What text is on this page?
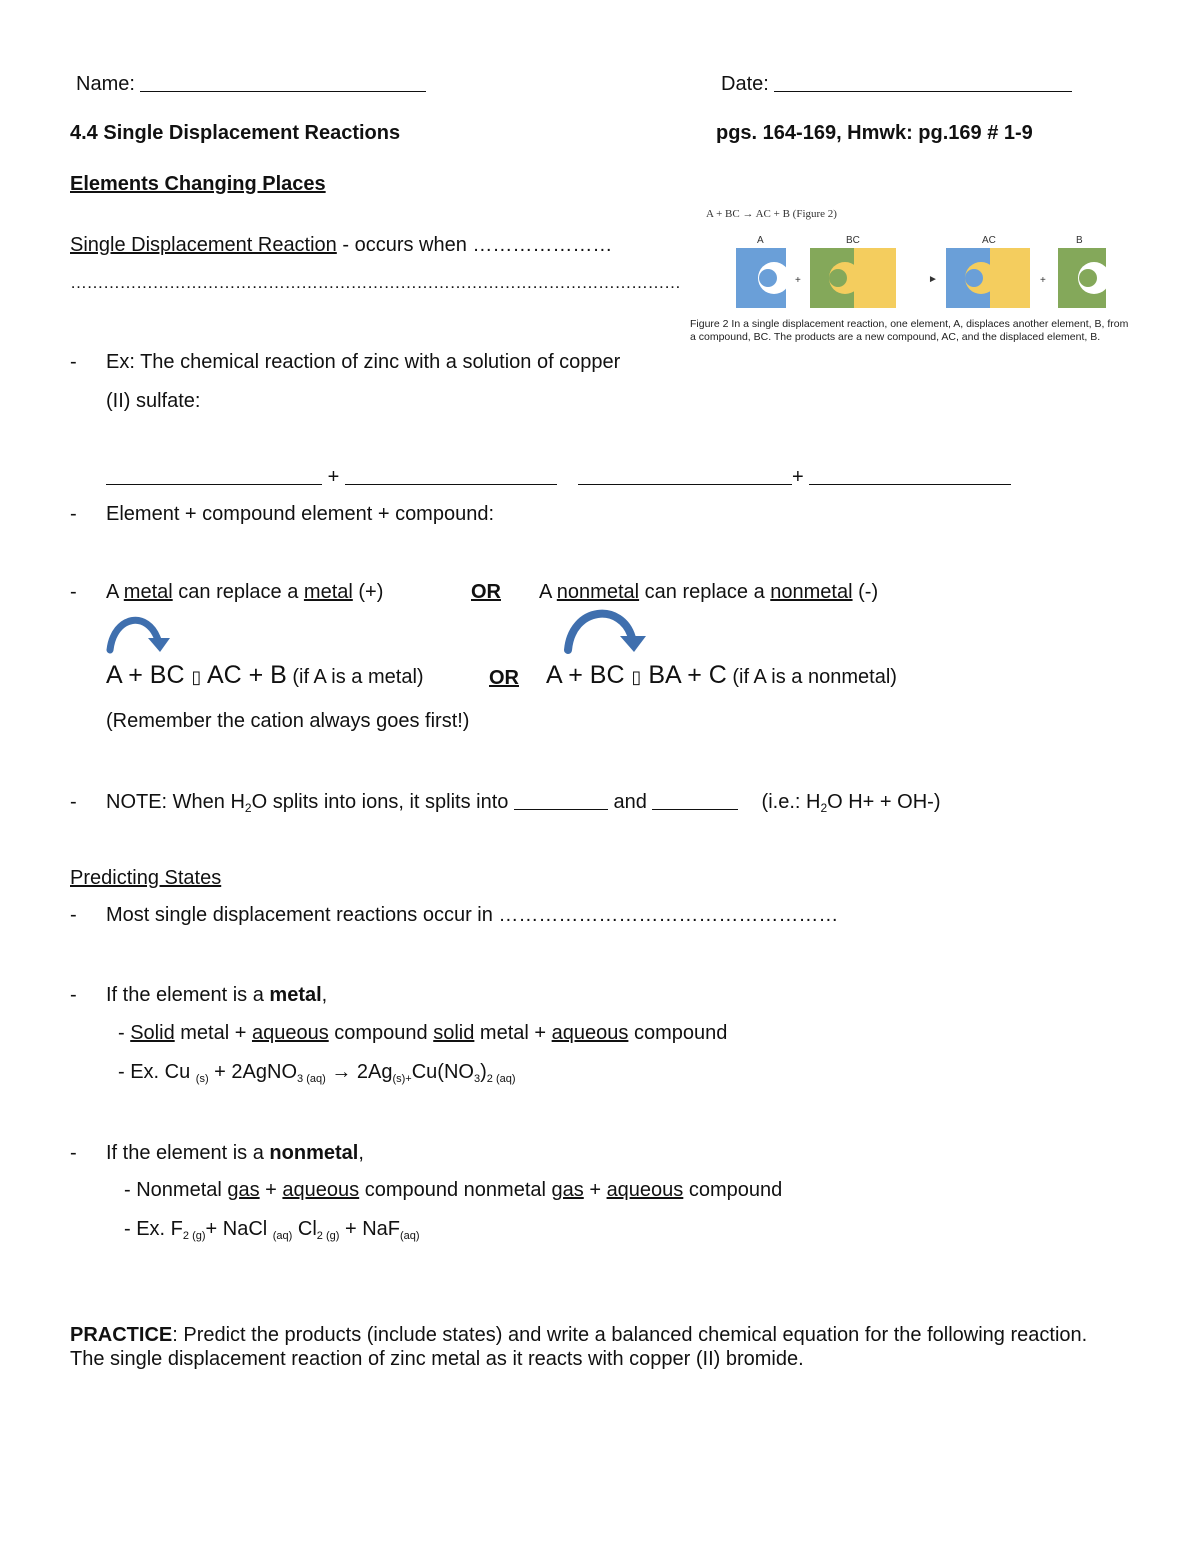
Name:	Date:
4.4 Single Displacement Reactions	pgs. 164-169, Hmwk: pg.169 # 1-9
Elements Changing Places
Single Displacement Reaction - occurs when …………………
…………………………………………………………………………………………………
A + BC → AC + B (Figure 2)
A	BC	AC	B
+	►	+
Figure 2 In a single displacement reaction, one element, A, displaces another element, B, from a compound, BC. The products are a new compound, AC, and the displaced element, B.
- Ex: The chemical reaction of zinc with a solution of copper
(II) sulfate:
+	+
- Element + compound element + compound:
- A metal can replace a metal (+)	OR A nonmetal can replace a nonmetal (-)
A + BC ▯ AC + B (if A is a metal)	OR A + BC ▯ BA + C (if A is a nonmetal)
(Remember the cation always goes first!)
- NOTE: When $H_2O$ splits into ions, it splits into	and	(i.e.: $H_2O$ H+ + OH-)
Predicting States
- Most single displacement reactions occur in ……………………………………………
- If the element is a metal,
- Solid metal + aqueous compound solid metal + aqueous compound
- Ex. Cu $_{(s)}$ + 2AgNO$_3$ $_{(aq)} \to 2Ag_{(s)+}Cu(NO_3)_{2 (aq)}$
- If the element is a nonmetal,
- Nonmetal gas + aqueous compound nonmetal gas + aqueous compound
- Ex. $F_{2 (g)}+$ NaCl $_{(aq)}$ $Cl_2$ $_{(g)}$ + NaF$_{(aq)}$
PRACTICE: Predict the products (include states) and write a balanced chemical equation for the following reaction. The single displacement reaction of zinc metal as it reacts with copper (II) bromide.
